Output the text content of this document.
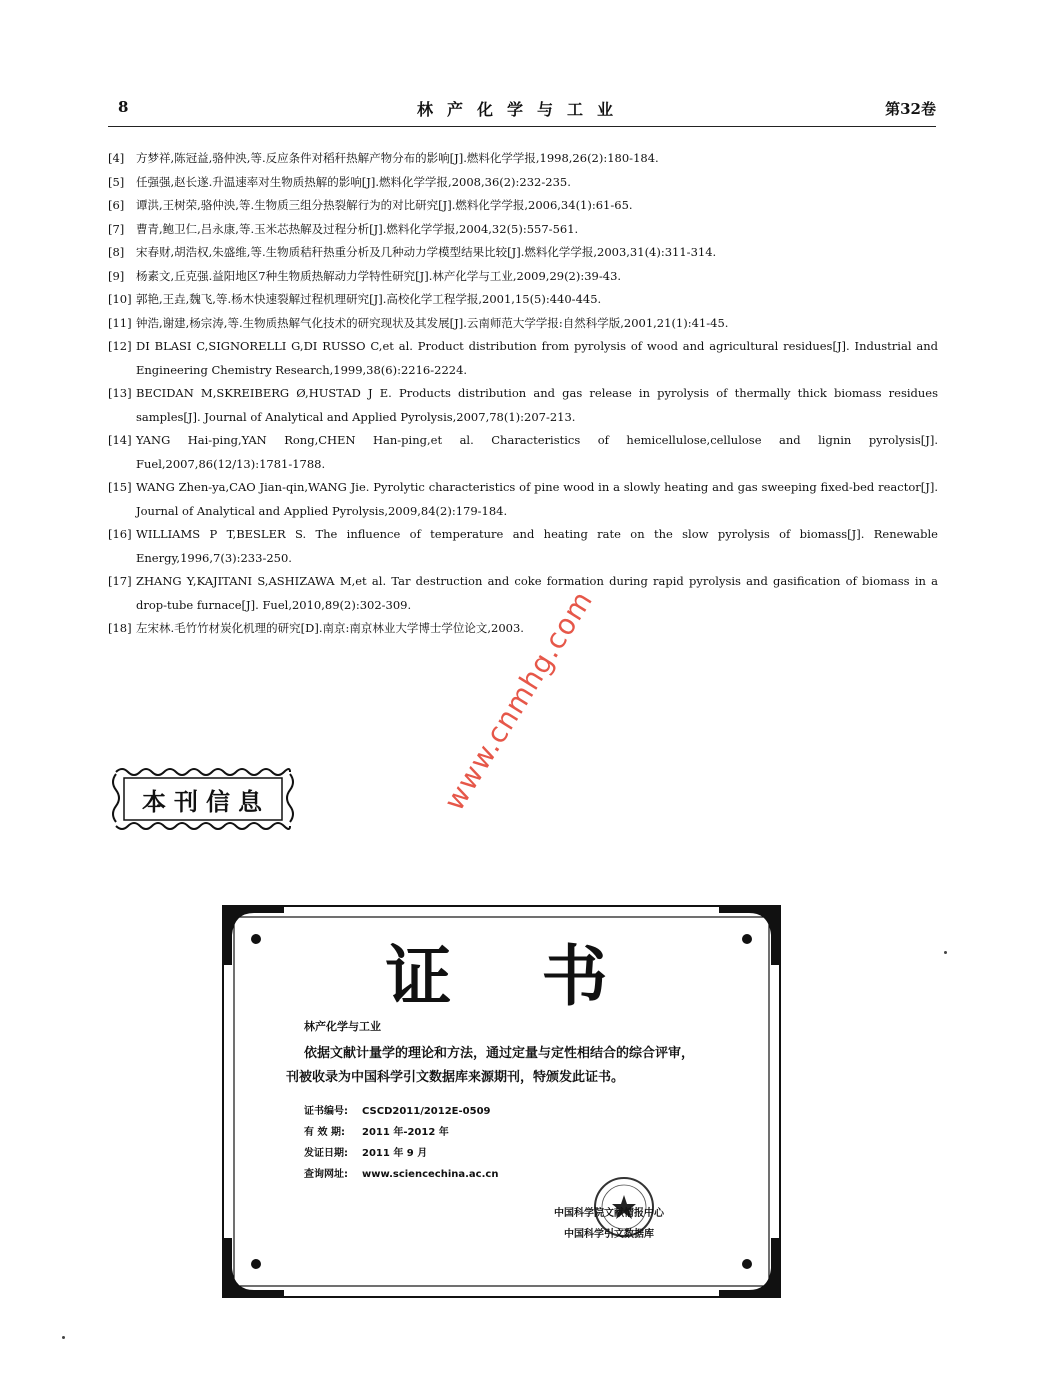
8	林产化学与工业	第32卷
[4] 方梦祥,陈冠益,骆仲泱,等.反应条件对稻秆热解产物分布的影响[J].燃料化学学报,1998,26(2):180-184.
[5] 任强强,赵长遂.升温速率对生物质热解的影响[J].燃料化学学报,2008,36(2):232-235.
[6] 谭洪,王树荣,骆仲泱,等.生物质三组分热裂解行为的对比研究[J].燃料化学学报,2006,34(1):61-65.
[7] 曹青,鲍卫仁,吕永康,等.玉米芯热解及过程分析[J].燃料化学学报,2004,32(5):557-561.
[8] 宋春财,胡浩权,朱盛维,等.生物质秸秆热重分析及几种动力学模型结果比较[J].燃料化学学报,2003,31(4):311-314.
[9] 杨素文,丘克强.益阳地区7种生物质热解动力学特性研究[J].林产化学与工业,2009,29(2):39-43.
[10] 郭艳,王垚,魏飞,等.杨木快速裂解过程机理研究[J].高校化学工程学报,2001,15(5):440-445.
[11] 钟浩,谢建,杨宗涛,等.生物质热解气化技术的研究现状及其发展[J].云南师范大学学报:自然科学版,2001,21(1):41-45.
[12] DI BLASI C,SIGNORELLI G,DI RUSSO C,et al. Product distribution from pyrolysis of wood and agricultural residues[J]. Industrial and Engineering Chemistry Research,1999,38(6):2216-2224.
[13] BECIDAN M,SKREIBERG Ø,HUSTAD J E. Products distribution and gas release in pyrolysis of thermally thick biomass residues samples[J]. Journal of Analytical and Applied Pyrolysis,2007,78(1):207-213.
[14] YANG Hai-ping,YAN Rong,CHEN Han-ping,et al. Characteristics of hemicellulose,cellulose and lignin pyrolysis[J]. Fuel,2007,86(12/13):1781-1788.
[15] WANG Zhen-ya,CAO Jian-qin,WANG Jie. Pyrolytic characteristics of pine wood in a slowly heating and gas sweeping fixed-bed reactor[J]. Journal of Analytical and Applied Pyrolysis,2009,84(2):179-184.
[16] WILLIAMS P T,BESLER S. The influence of temperature and heating rate on the slow pyrolysis of biomass[J]. Renewable Energy,1996,7(3):233-250.
[17] ZHANG Y,KAJITANI S,ASHIZAWA M,et al. Tar destruction and coke formation during rapid pyrolysis and gasification of biomass in a drop-tube furnace[J]. Fuel,2010,89(2):302-309.
[18] 左宋林.毛竹竹材炭化机理的研究[D].南京:南京林业大学博士学位论文,2003.
www.cnmhg.com
本刊信息
证书
林产化学与工业
依据文献计量学的理论和方法，通过定量与定性相结合的综合评审，
刊被收录为中国科学引文数据库来源期刊，特颁发此证书。
证书编号:	CSCD2011/2012E-0509
有 效 期:	2011 年-2012 年
发证日期:	2011 年 9 月
查询网址:	www.sciencechina.ac.cn
中国科学院文献情报中心
中国科学引文数据库
